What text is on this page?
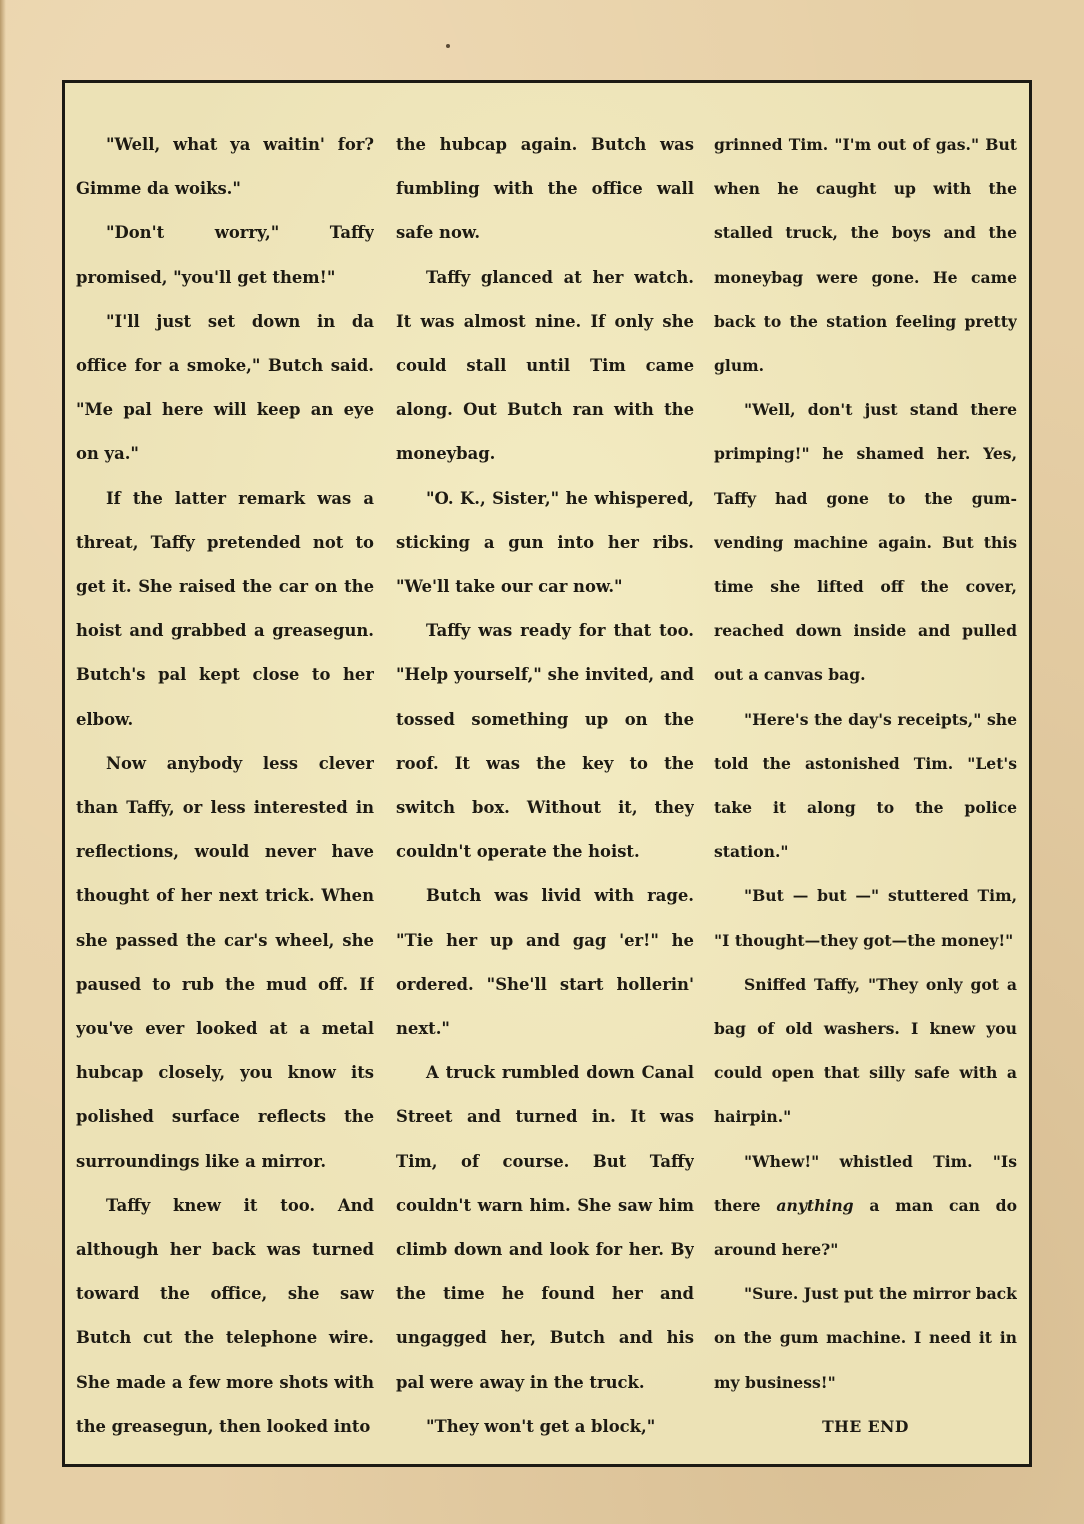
"Well, what ya waitin' for? Gimme da woiks."

"Don't worry," Taffy promised, "you'll get them!"

"I'll just set down in da office for a smoke," Butch said. "Me pal here will keep an eye on ya."

If the latter remark was a threat, Taffy pretended not to get it. She raised the car on the hoist and grabbed a greasegun. Butch's pal kept close to her elbow.

Now anybody less clever than Taffy, or less interested in reflections, would never have thought of her next trick. When she passed the car's wheel, she paused to rub the mud off. If you've ever looked at a metal hubcap closely, you know its polished surface reflects the surroundings like a mirror.

Taffy knew it too. And although her back was turned toward the office, she saw Butch cut the telephone wire. She made a few more shots with the greasegun, then looked into

the hubcap again. Butch was fumbling with the office wall safe now.

Taffy glanced at her watch. It was almost nine. If only she could stall until Tim came along. Out Butch ran with the moneybag.

"O. K., Sister," he whispered, sticking a gun into her ribs. "We'll take our car now."

Taffy was ready for that too. "Help yourself," she invited, and tossed something up on the roof. It was the key to the switch box. Without it, they couldn't operate the hoist.

Butch was livid with rage. "Tie her up and gag 'er!" he ordered. "She'll start hollerin' next."

A truck rumbled down Canal Street and turned in. It was Tim, of course. But Taffy couldn't warn him. She saw him climb down and look for her. By the time he found her and ungagged her, Butch and his pal were away in the truck.

"They won't get a block,"

grinned Tim. "I'm out of gas." But when he caught up with the stalled truck, the boys and the moneybag were gone. He came back to the station feeling pretty glum.

"Well, don't just stand there primping!" he shamed her. Yes, Taffy had gone to the gum-vending machine again. But this time she lifted off the cover, reached down inside and pulled out a canvas bag.

"Here's the day's receipts," she told the astonished Tim. "Let's take it along to the police station."

"But — but —" stuttered Tim, "I thought—they got—the money!"

Sniffed Taffy, "They only got a bag of old washers. I knew you could open that silly safe with a hairpin."

"Whew!" whistled Tim. "Is there anything a man can do around here?"

"Sure. Just put the mirror back on the gum machine. I need it in my business!"

THE END
